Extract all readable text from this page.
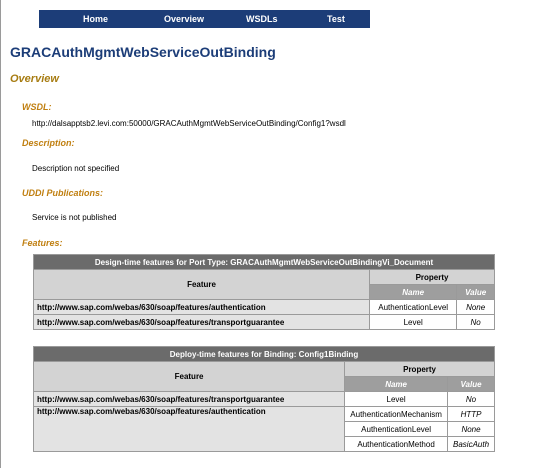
Home	Overview	WSDLs	Test
GRACAuthMgmtWebServiceOutBinding
Overview
WSDL:
http://dalsapptsb2.levi.com:50000/GRACAuthMgmtWebServiceOutBinding/Config1?wsdl
Description:
Description not specified
UDDI Publications:
Service is not published
Features:
Design-time features for Port Type: GRACAuthMgmtWebServiceOutBindingVi_Document		
Feature	Property	
	Name	Value
http://www.sap.com/webas/630/soap/features/authentication	AuthenticationLevel	None
http://www.sap.com/webas/630/soap/features/transportguarantee	Level	No
Deploy-time features for Binding: Config1Binding		
Feature	Property	
	Name	Value
http://www.sap.com/webas/630/soap/features/transportguarantee	Level	No
http://www.sap.com/webas/630/soap/features/authentication	AuthenticationMechanism	HTTP
	AuthenticationLevel	None
	AuthenticationMethod	BasicAuth
